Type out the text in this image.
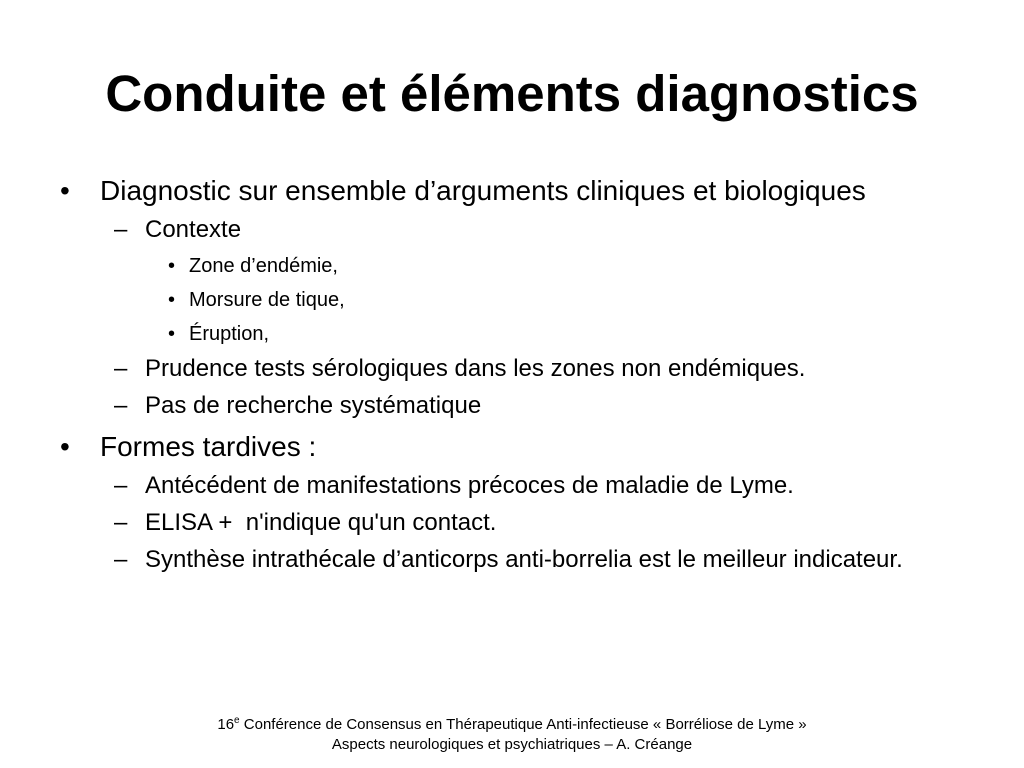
Conduite et éléments diagnostics
• Diagnostic sur ensemble d’arguments cliniques et biologiques
– Contexte
• Zone d’endémie,
• Morsure de tique,
• Éruption,
– Prudence tests sérologiques dans les zones non endémiques.
– Pas de recherche systématique
• Formes tardives :
– Antécédent de manifestations précoces de maladie de Lyme.
– ELISA +  n'indique qu'un contact.
– Synthèse intrathécale d’anticorps anti-borrelia est le meilleur indicateur.
16e Conférence de Consensus en Thérapeutique Anti-infectieuse « Borréliose de Lyme »
Aspects neurologiques et psychiatriques – A. Créange
